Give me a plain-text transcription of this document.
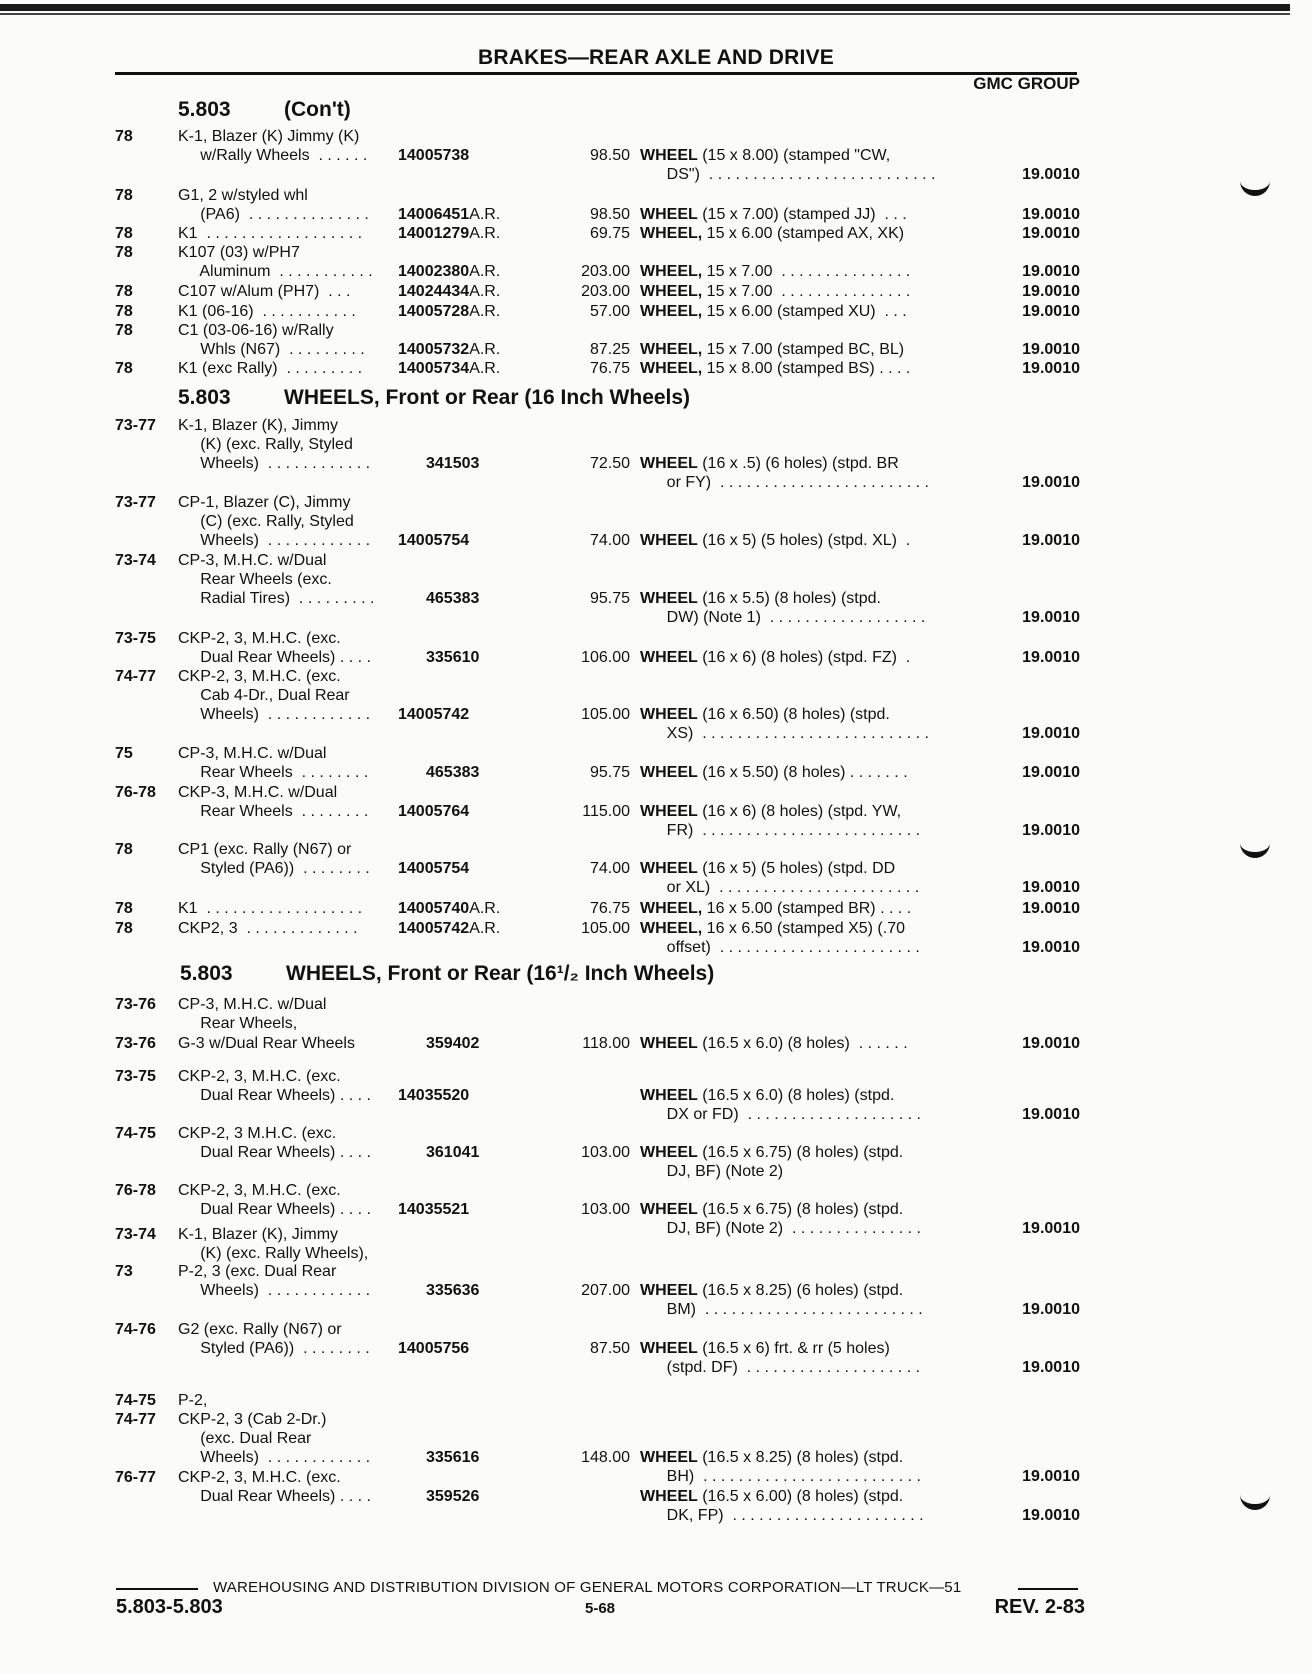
BRAKES—REAR AXLE AND DRIVE
GMC GROUP
5.803	(Con't)
5.803	WHEELS, Front or Rear (16 Inch Wheels)
5.803	WHEELS, Front or Rear (16¹/₂ Inch Wheels)
78	K-1, Blazer (K) Jimmy (K)
w/Rally Wheels  . . . . . . 14005738	98.50 WHEEL (15 x 8.00) (stamped "CW,
DS")  . . . . . . . . . . . . . . . . . . . . . . . . . .	19.0010
78	G1, 2 w/styled whl
(PA6)  . . . . . . . . . . . . . . 14006451A.R.	98.50 WHEEL (15 x 7.00) (stamped JJ)  . . .	19.0010
78	K1  . . . . . . . . . . . . . . . . . . 14001279A.R.	69.75 WHEEL, 15 x 6.00 (stamped AX, XK)	19.0010
78	K107 (03) w/PH7
Aluminum  . . . . . . . . . . . 14002380A.R.	203.00 WHEEL, 15 x 7.00  . . . . . . . . . . . . . . .	19.0010
78	C107 w/Alum (PH7)  . . .	14024434A.R.	203.00 WHEEL, 15 x 7.00  . . . . . . . . . . . . . . .	19.0010
78	K1 (06-16)  . . . . . . . . . . .	14005728A.R.	57.00 WHEEL, 15 x 6.00 (stamped XU)  . . .	19.0010
78	C1 (03-06-16) w/Rally
Whls (N67)  . . . . . . . . . 14005732A.R.	87.25 WHEEL, 15 x 7.00 (stamped BC, BL)	19.0010
78	K1 (exc Rally)  . . . . . . . . . 14005734A.R.	76.75 WHEEL, 15 x 8.00 (stamped BS) . . . .	19.0010
73-77 K-1, Blazer (K), Jimmy
(K) (exc. Rally, Styled
Wheels)  . . . . . . . . . . . .	341503	72.50 WHEEL (16 x .5) (6 holes) (stpd. BR
or FY)  . . . . . . . . . . . . . . . . . . . . . . . .	19.0010
73-77 CP-1, Blazer (C), Jimmy
(C) (exc. Rally, Styled
Wheels)  . . . . . . . . . . . . 14005754	74.00 WHEEL (16 x 5) (5 holes) (stpd. XL)  .	19.0010
73-74 CP-3, M.H.C. w/Dual
Rear Wheels (exc.
Radial Tires)  . . . . . . . . .	465383	95.75 WHEEL (16 x 5.5) (8 holes) (stpd.
DW) (Note 1)  . . . . . . . . . . . . . . . . . .	19.0010
73-75 CKP-2, 3, M.H.C. (exc.
Dual Rear Wheels) . . . .	335610	106.00 WHEEL (16 x 6) (8 holes) (stpd. FZ)  .	19.0010
74-77 CKP-2, 3, M.H.C. (exc.
Cab 4-Dr., Dual Rear
Wheels)  . . . . . . . . . . . . 14005742	105.00 WHEEL (16 x 6.50) (8 holes) (stpd.
XS)  . . . . . . . . . . . . . . . . . . . . . . . . . .	19.0010
75	CP-3, M.H.C. w/Dual
Rear Wheels  . . . . . . . .	465383	95.75 WHEEL (16 x 5.50) (8 holes) . . . . . . .	19.0010
76-78 CKP-3, M.H.C. w/Dual
Rear Wheels  . . . . . . . . 14005764	115.00 WHEEL (16 x 6) (8 holes) (stpd. YW,
FR)  . . . . . . . . . . . . . . . . . . . . . . . . .	19.0010
78	CP1 (exc. Rally (N67) or
Styled (PA6))  . . . . . . . . 14005754	74.00 WHEEL (16 x 5) (5 holes) (stpd. DD
or XL)  . . . . . . . . . . . . . . . . . . . . . . .	19.0010
78	K1  . . . . . . . . . . . . . . . . . . 14005740A.R.	76.75 WHEEL, 16 x 5.00 (stamped BR) . . . .	19.0010
78	CKP2, 3  . . . . . . . . . . . . .	14005742A.R.	105.00 WHEEL, 16 x 6.50 (stamped X5) (.70
offset)  . . . . . . . . . . . . . . . . . . . . . . .	19.0010
73-76 CP-3, M.H.C. w/Dual
Rear Wheels,
73-76 G-3 w/Dual Rear Wheels	359402	118.00 WHEEL (16.5 x 6.0) (8 holes)  . . . . . .	19.0010
73-75 CKP-2, 3, M.H.C. (exc.
Dual Rear Wheels) . . . . 14035520	WHEEL (16.5 x 6.0) (8 holes) (stpd.
DX or FD)  . . . . . . . . . . . . . . . . . . . .	19.0010
74-75 CKP-2, 3 M.H.C. (exc.
Dual Rear Wheels) . . . .	361041	103.00 WHEEL (16.5 x 6.75) (8 holes) (stpd.
DJ, BF) (Note 2)
76-78 CKP-2, 3, M.H.C. (exc.
Dual Rear Wheels) . . . . 14035521	103.00 WHEEL (16.5 x 6.75) (8 holes) (stpd.
DJ, BF) (Note 2)  . . . . . . . . . . . . . . .	19.0010
73-74 K-1, Blazer (K), Jimmy
(K) (exc. Rally Wheels),
73	P-2, 3 (exc. Dual Rear
Wheels)  . . . . . . . . . . . .	335636	207.00 WHEEL (16.5 x 8.25) (6 holes) (stpd.
BM)  . . . . . . . . . . . . . . . . . . . . . . . . .	19.0010
74-76 G2 (exc. Rally (N67) or
Styled (PA6))  . . . . . . . . 14005756	87.50 WHEEL (16.5 x 6) frt. & rr (5 holes)
(stpd. DF)  . . . . . . . . . . . . . . . . . . . .	19.0010
74-75 P-2,
74-77 CKP-2, 3 (Cab 2-Dr.)
(exc. Dual Rear
Wheels)  . . . . . . . . . . . .	335616	148.00 WHEEL (16.5 x 8.25) (8 holes) (stpd.
BH)  . . . . . . . . . . . . . . . . . . . . . . . . .	19.0010
76-77 CKP-2, 3, M.H.C. (exc.
Dual Rear Wheels) . . . .	359526	WHEEL (16.5 x 6.00) (8 holes) (stpd.
DK, FP)  . . . . . . . . . . . . . . . . . . . . . .	19.0010
WAREHOUSING AND DISTRIBUTION DIVISION OF GENERAL MOTORS CORPORATION—LT TRUCK—51
5.803-5.803	5-68	REV. 2-83
